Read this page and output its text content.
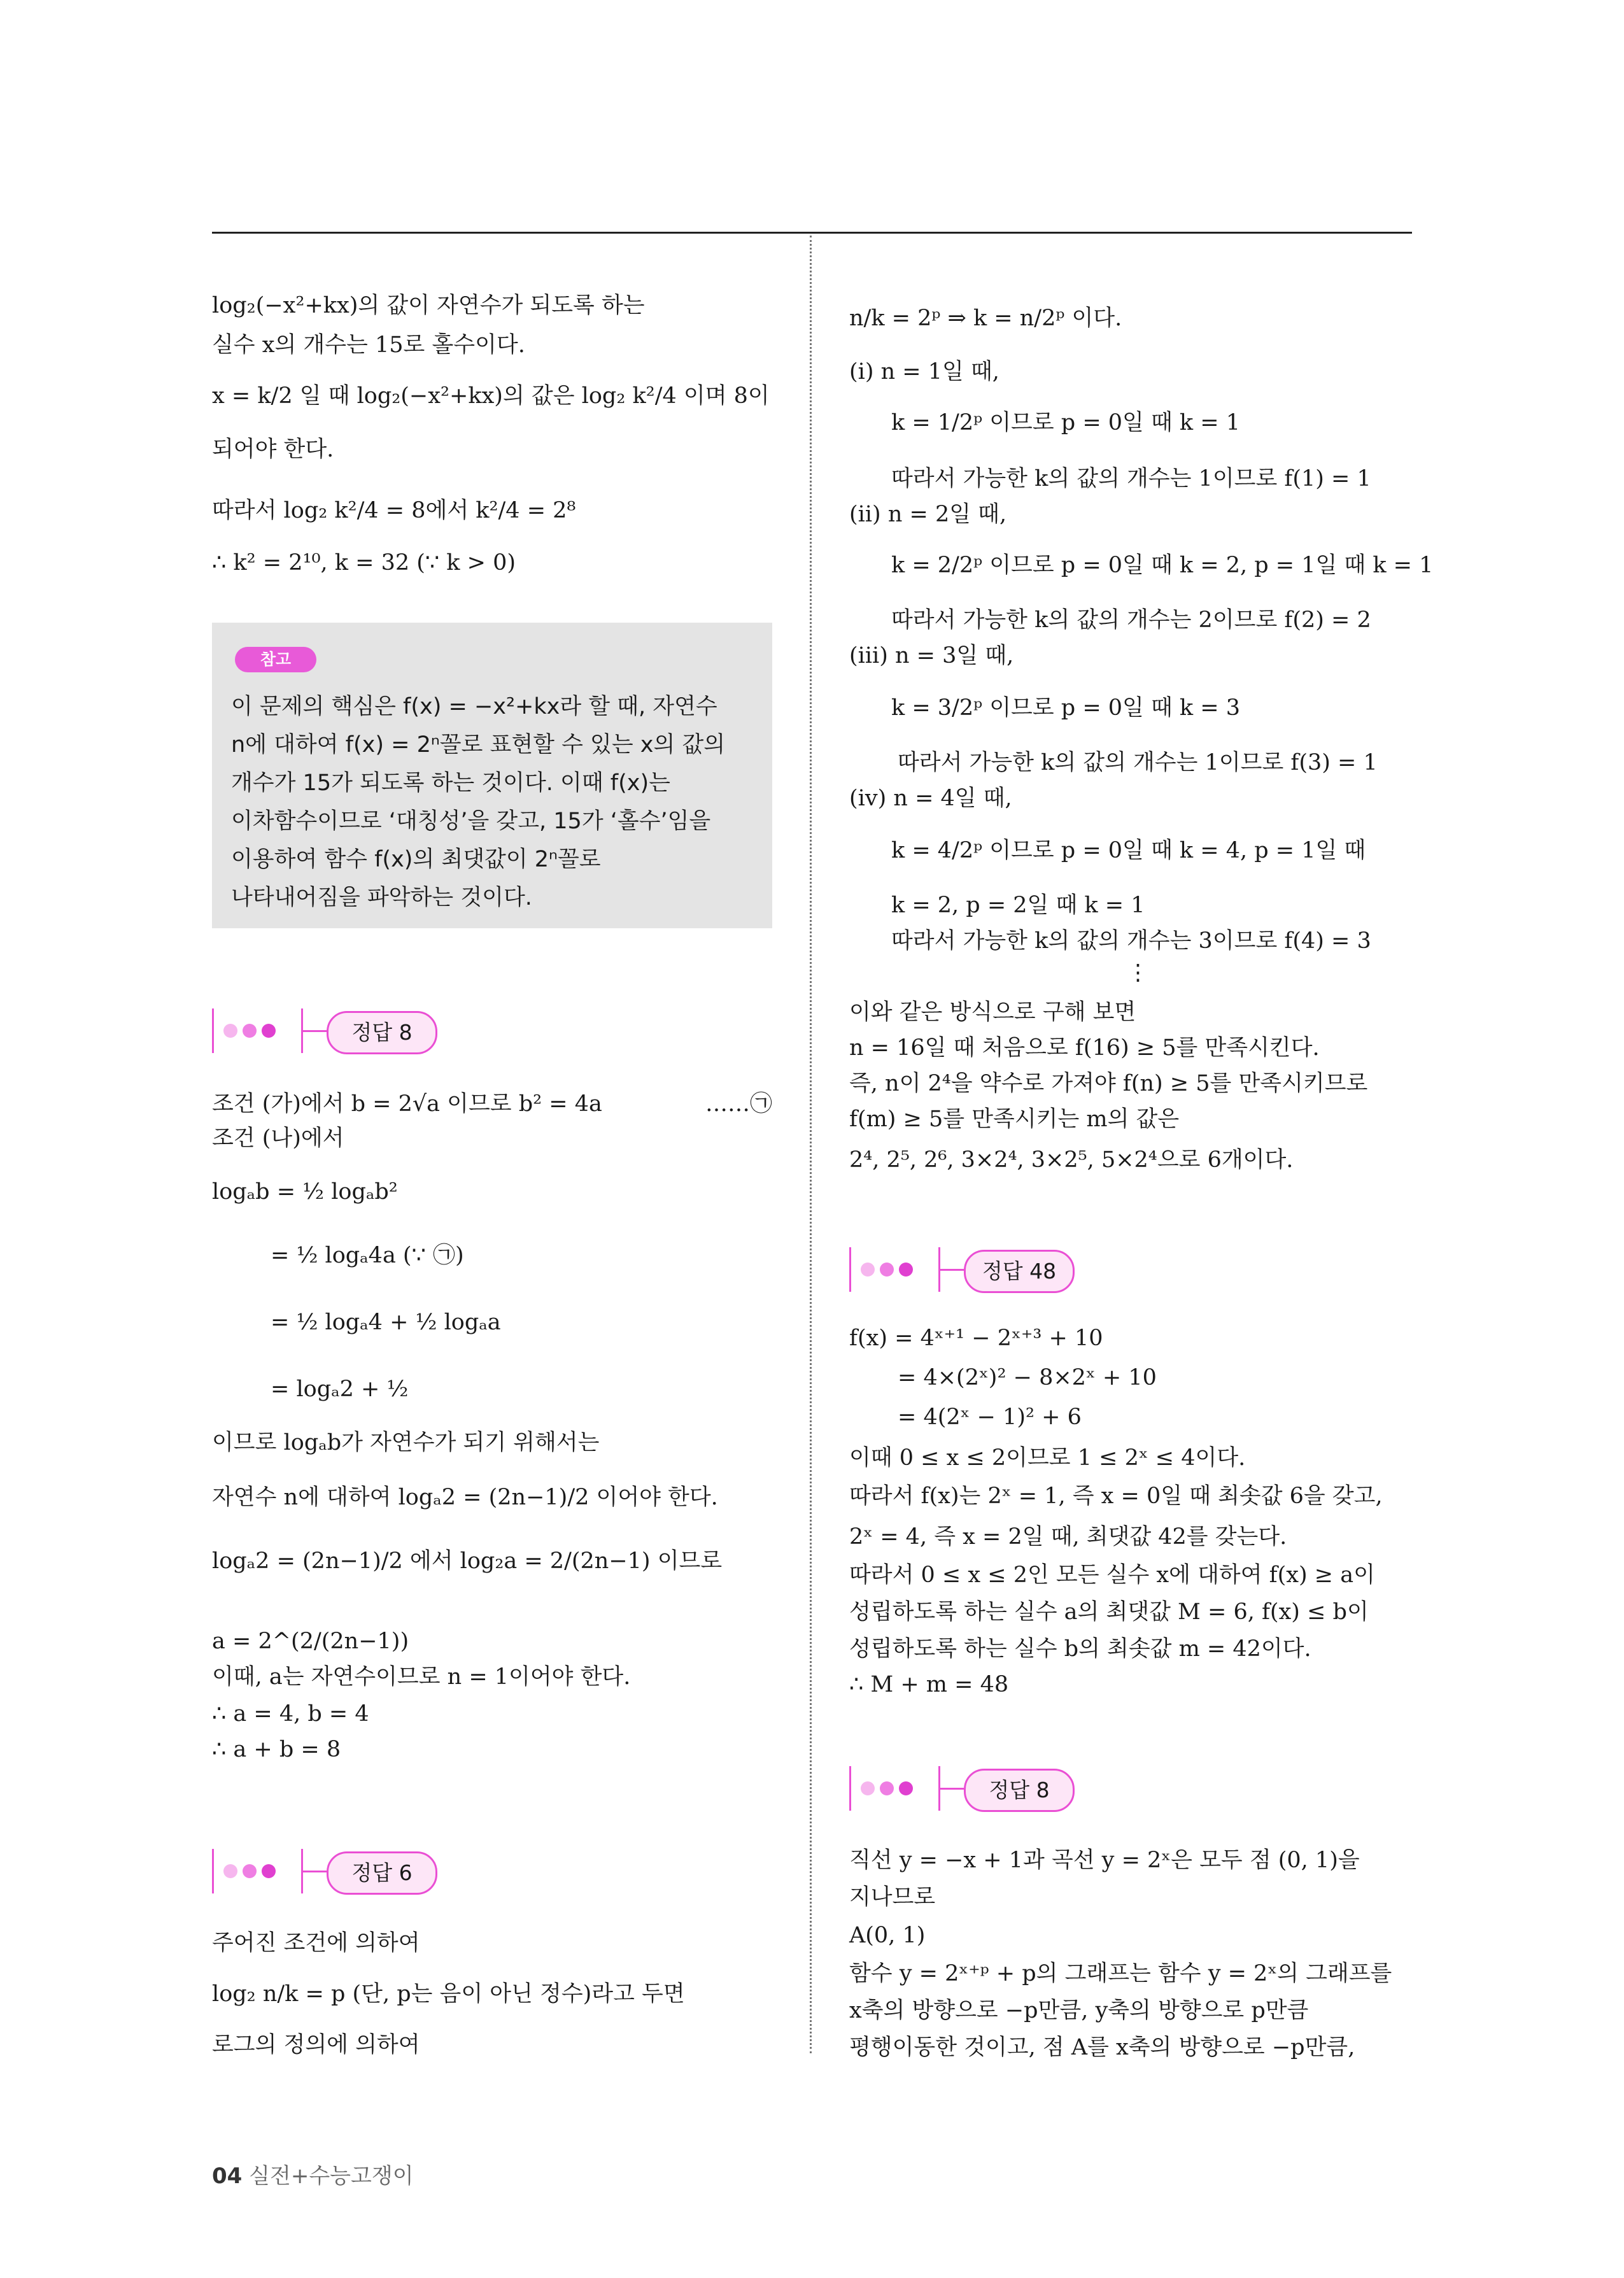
log₂(−x²+kx)의 값이 자연수가 되도록 하는
실수 x의 개수는 15로 홀수이다.
x = k/2 일 때 log₂(−x²+kx)의 값은 log₂ k²/4 이며 8이
되어야 한다.
따라서 log₂ k²/4 = 8에서 k²/4 = 2⁸
∴ k² = 2¹⁰, k = 32 (∵ k > 0)
참고
이 문제의 핵심은 f(x) = −x²+kx라 할 때, 자연수
n에 대하여 f(x) = 2ⁿ꼴로 표현할 수 있는 x의 값의
개수가 15가 되도록 하는 것이다. 이때 f(x)는
이차함수이므로 ‘대칭성’을 갖고, 15가 ‘홀수’임을
이용하여 함수 f(x)의 최댓값이 2ⁿ꼴로
나타내어짐을 파악하는 것이다.
정답 8
조건 (가)에서 b = 2√a 이므로 b² = 4a	……㉠
조건 (나)에서
logₐb = ½ logₐb²
= ½ logₐ4a (∵ ㉠)
= ½ logₐ4 + ½ logₐa
= logₐ2 + ½
이므로 logₐb가 자연수가 되기 위해서는
자연수 n에 대하여 logₐ2 = (2n−1)/2 이어야 한다.
logₐ2 = (2n−1)/2 에서 log₂a = 2/(2n−1) 이므로
a = 2^(2/(2n−1))
이때, a는 자연수이므로 n = 1이어야 한다.
∴ a = 4, b = 4
∴ a + b = 8
정답 6
주어진 조건에 의하여
log₂ n/k = p (단, p는 음이 아닌 정수)라고 두면
로그의 정의에 의하여
n/k = 2ᵖ ⇒ k = n/2ᵖ 이다.
(ⅰ) n = 1일 때,
k = 1/2ᵖ 이므로 p = 0일 때 k = 1
따라서 가능한 k의 값의 개수는 1이므로 f(1) = 1
(ⅱ) n = 2일 때,
k = 2/2ᵖ 이므로 p = 0일 때 k = 2, p = 1일 때 k = 1
따라서 가능한 k의 값의 개수는 2이므로 f(2) = 2
(ⅲ) n = 3일 때,
k = 3/2ᵖ 이므로 p = 0일 때 k = 3
따라서 가능한 k의 값의 개수는 1이므로 f(3) = 1
(ⅳ) n = 4일 때,
k = 4/2ᵖ 이므로 p = 0일 때 k = 4, p = 1일 때
k = 2, p = 2일 때 k = 1
따라서 가능한 k의 값의 개수는 3이므로 f(4) = 3
⋮
이와 같은 방식으로 구해 보면
n = 16일 때 처음으로 f(16) ≥ 5를 만족시킨다.
즉, n이 2⁴을 약수로 가져야 f(n) ≥ 5를 만족시키므로
f(m) ≥ 5를 만족시키는 m의 값은
2⁴, 2⁵, 2⁶, 3×2⁴, 3×2⁵, 5×2⁴으로 6개이다.
정답 48
f(x) = 4ˣ⁺¹ − 2ˣ⁺³ + 10
= 4×(2ˣ)² − 8×2ˣ + 10
= 4(2ˣ − 1)² + 6
이때 0 ≤ x ≤ 2이므로 1 ≤ 2ˣ ≤ 4이다.
따라서 f(x)는 2ˣ = 1, 즉 x = 0일 때 최솟값 6을 갖고,
2ˣ = 4, 즉 x = 2일 때, 최댓값 42를 갖는다.
따라서 0 ≤ x ≤ 2인 모든 실수 x에 대하여 f(x) ≥ a이
성립하도록 하는 실수 a의 최댓값 M = 6, f(x) ≤ b이
성립하도록 하는 실수 b의 최솟값 m = 42이다.
∴ M + m = 48
정답 8
직선 y = −x + 1과 곡선 y = 2ˣ은 모두 점 (0, 1)을
지나므로
A(0, 1)
함수 y = 2ˣ⁺ᵖ + p의 그래프는 함수 y = 2ˣ의 그래프를
x축의 방향으로 −p만큼, y축의 방향으로 p만큼
평행이동한 것이고, 점 A를 x축의 방향으로 −p만큼,
04 실전+수능고쟁이
